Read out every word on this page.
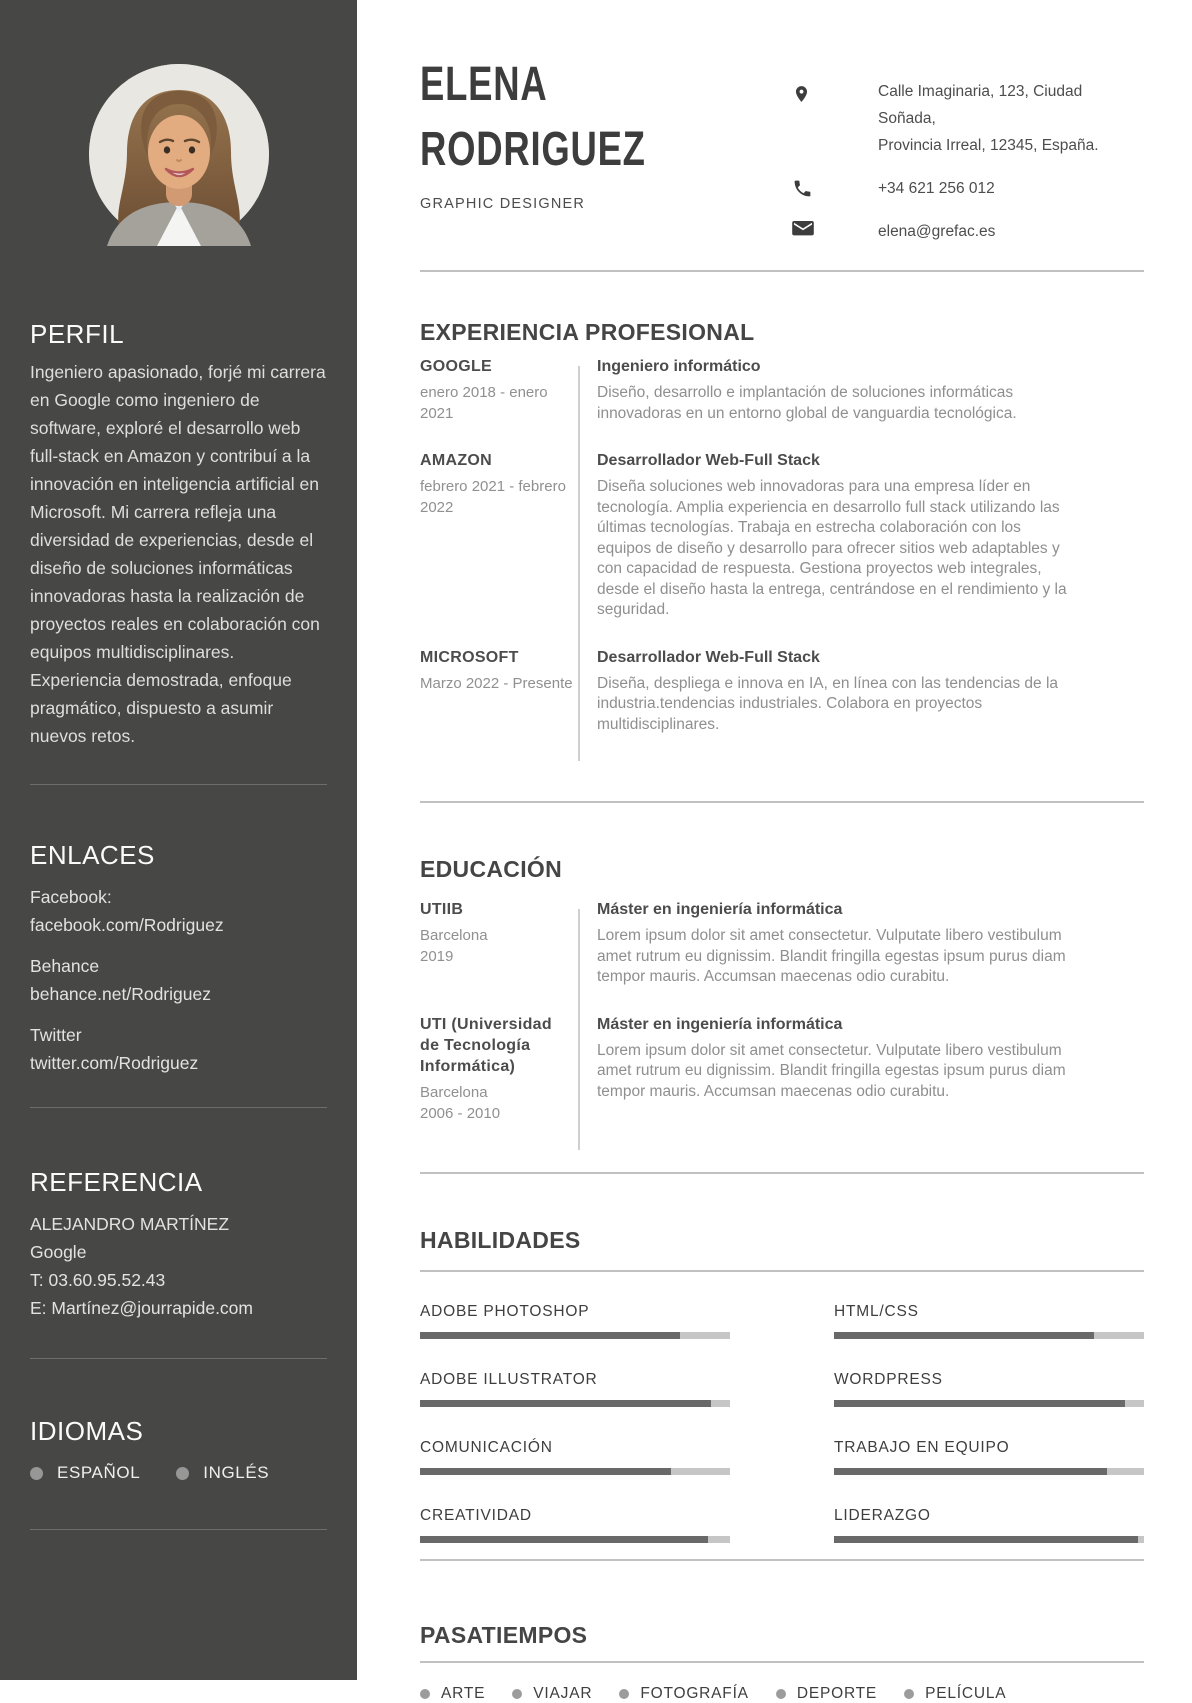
PERFIL

Ingeniero apasionado, forjé mi carrera en Google como ingeniero de software, exploré el desarrollo web full-stack en Amazon y contribuí a la innovación en inteligencia artificial en Microsoft. Mi carrera refleja una diversidad de experiencias, desde el diseño de soluciones informáticas innovadoras hasta la realización de proyectos reales en colaboración con equipos multidisciplinares. Experiencia demostrada, enfoque pragmático, dispuesto a asumir nuevos retos.

ENLACES
Facebook:
facebook.com/Rodriguez
Behance
behance.net/Rodriguez
Twitter
twitter.com/Rodriguez
REFERENCIA
ALEJANDRO MARTÍNEZ
Google
T: 03.60.95.52.43
E: Martínez@jourrapide.com
IDIOMAS
ESPAÑOL	INGLÉS
ELENA
RODRIGUEZ
GRAPHIC DESIGNER
Calle Imaginaria, 123, Ciudad Soñada,
Provincia Irreal, 12345, España.
+34 621 256 012
elena@grefac.es
EXPERIENCIA PROFESIONAL
GOOGLE
enero 2018 - enero 2021
Ingeniero informático

Diseño, desarrollo e implantación de soluciones informáticas innovadoras en un entorno global de vanguardia tecnológica.

AMAZON
febrero 2021 - febrero 2022
Desarrollador Web-Full Stack

Diseña soluciones web innovadoras para una empresa líder en tecnología. Amplia experiencia en desarrollo full stack utilizando las últimas tecnologías. Trabaja en estrecha colaboración con los equipos de diseño y desarrollo para ofrecer sitios web adaptables y con capacidad de respuesta. Gestiona proyectos web integrales, desde el diseño hasta la entrega, centrándose en el rendimiento y la seguridad.

MICROSOFT
Marzo 2022 - Presente
Desarrollador Web-Full Stack

Diseña, despliega e innova en IA, en línea con las tendencias de la industria.tendencias industriales. Colabora en proyectos multidisciplinares.

EDUCACIÓN
UTIIB
Barcelona
2019
Máster en ingeniería informática

Lorem ipsum dolor sit amet consectetur. Vulputate libero vestibulum amet rutrum eu dignissim. Blandit fringilla egestas ipsum purus diam tempor mauris. Accumsan maecenas odio curabitu.

UTI (Universidad de Tecnología Informática)
Barcelona
2006 - 2010
Máster en ingeniería informática

Lorem ipsum dolor sit amet consectetur. Vulputate libero vestibulum amet rutrum eu dignissim. Blandit fringilla egestas ipsum purus diam tempor mauris. Accumsan maecenas odio curabitu.

HABILIDADES
ADOBE PHOTOSHOP
ADOBE ILLUSTRATOR
COMUNICACIÓN
CREATIVIDAD
HTML/CSS
WORDPRESS
TRABAJO EN EQUIPO
LIDERAZGO
PASATIEMPOS
ARTE	VIAJAR	FOTOGRAFÍA	DEPORTE	PELÍCULA
